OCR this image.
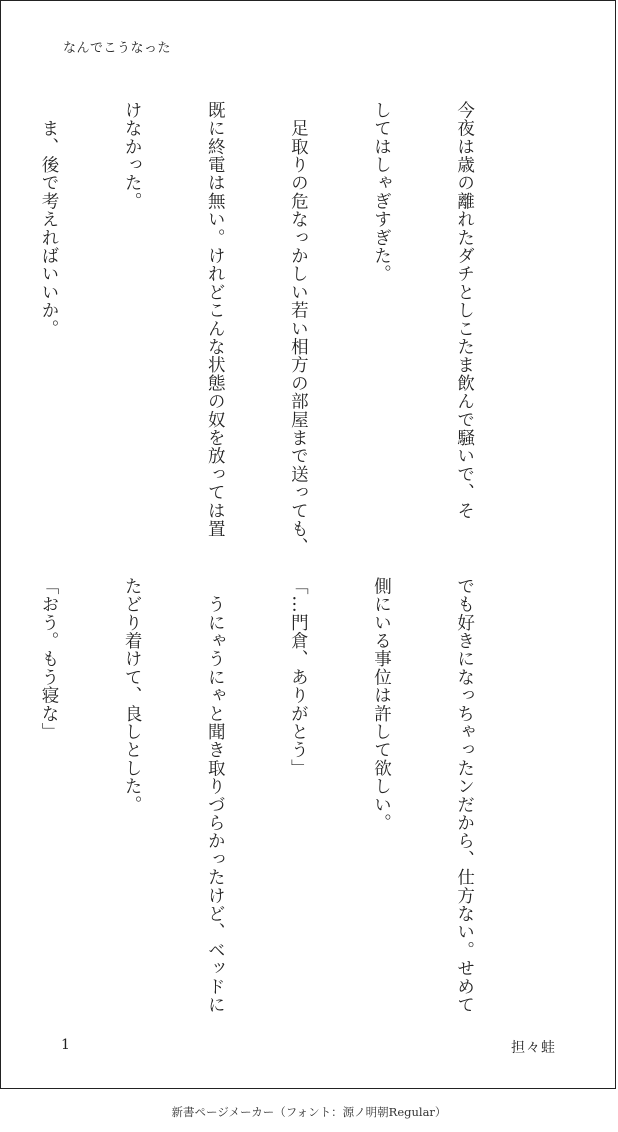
なんでこうなった

今夜は歳の離れたダチとしこたま飲んで騒いで、そ

してはしゃぎすぎた。

　足取りの危なっかしい若い相方の部屋まで送っても、

既に終電は無い。けれどこんな状態の奴を放っては置

けなかった。

　ま、後で考えればいいか。

でも好きになっちゃったンだから、仕方ない。せめて

側にいる事位は許して欲しい。

「…門倉、ありがとう」

　うにゃうにゃと聞き取りづらかったけど、ベッドに

たどり着けて、良しとした。

「おう。もう寝な」

1	担々蛙
新書ページメーカー（フォント：源ノ明朝Regular）
